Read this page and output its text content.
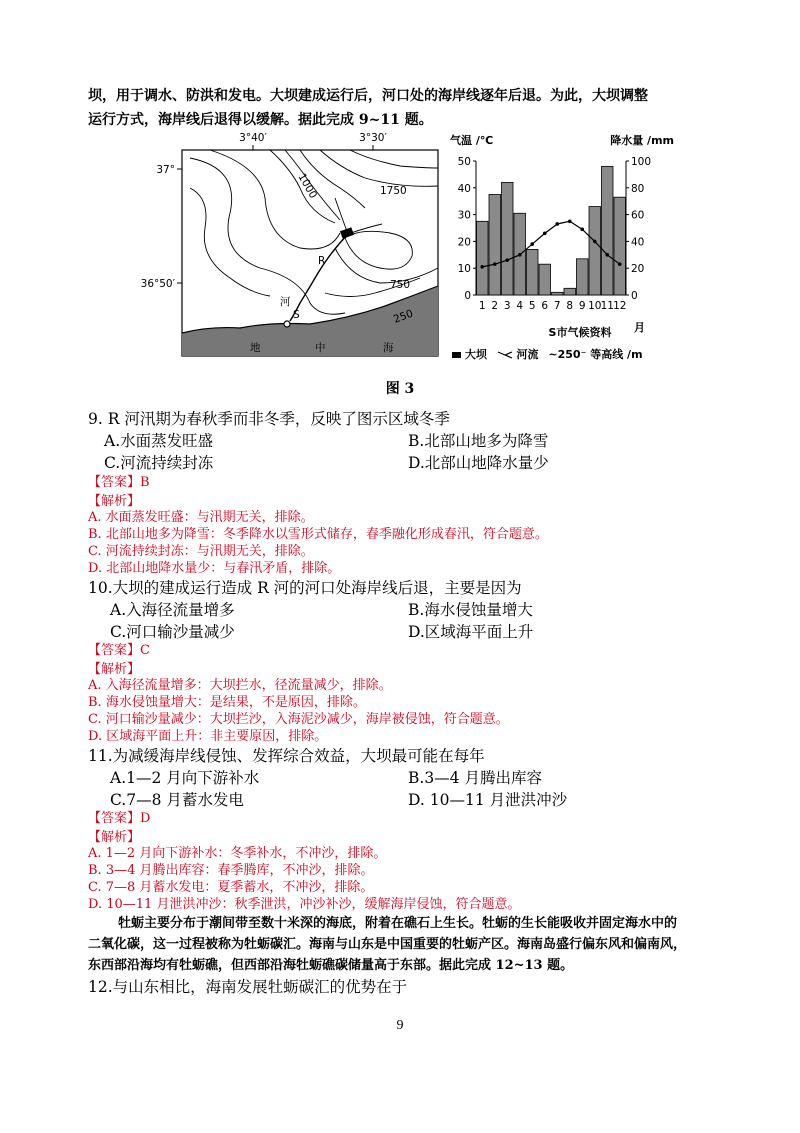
坝，用于调水、防洪和发电。大坝建成运行后，河口处的海岸线逐年后退。为此，大坝调整
运行方式，海岸线后退得以缓解。据此完成 9~11 题。
3°40′	3°30′
37°
36°50′
地	中	海
1000	1750
750
250
R
河
S
气温 /℃	降水量 /mm
50
40
30
20
10
0
100
80
60
40
20
0
1 2 3 4 5 6 7 8 9 10 11 12
月
S市气候资料
大坝	河流 ~250⁻ 等高线 /m
图 3
9. R 河汛期为春秋季而非冬季，反映了图示区域冬季
A.水面蒸发旺盛	B.北部山地多为降雪
C.河流持续封冻	D.北部山地降水量少
【答案】B
【解析】
A. 水面蒸发旺盛：与汛期无关，排除。
B. 北部山地多为降雪：冬季降水以雪形式储存，春季融化形成春汛，符合题意。
C. 河流持续封冻：与汛期无关，排除。
D. 北部山地降水量少：与春汛矛盾，排除。
10.大坝的建成运行造成 R 河的河口处海岸线后退，主要是因为
A.入海径流量增多	B.海水侵蚀量增大
C.河口输沙量减少	D.区域海平面上升
【答案】C
【解析】
A. 入海径流量增多：大坝拦水，径流量减少，排除。
B. 海水侵蚀量增大：是结果，不是原因，排除。
C. 河口输沙量减少：大坝拦沙，入海泥沙减少，海岸被侵蚀，符合题意。
D. 区域海平面上升：非主要原因，排除。
11.为减缓海岸线侵蚀、发挥综合效益，大坝最可能在每年
A.1—2 月向下游补水	B.3—4 月腾出库容
C.7—8 月蓄水发电	D. 10—11 月泄洪冲沙
【答案】D
【解析】
A. 1—2 月向下游补水：冬季补水，不冲沙，排除。
B. 3—4 月腾出库容：春季腾库，不冲沙，排除。
C. 7—8 月蓄水发电：夏季蓄水，不冲沙，排除。
D. 10—11 月泄洪冲沙：秋季泄洪，冲沙补沙，缓解海岸侵蚀，符合题意。
牡蛎主要分布于潮间带至数十米深的海底，附着在礁石上生长。牡蛎的生长能吸收并固定海水中的
二氧化碳，这一过程被称为牡蛎碳汇。海南与山东是中国重要的牡蛎产区。海南岛盛行偏东风和偏南风，
东西部沿海均有牡蛎礁，但西部沿海牡蛎礁碳储量高于东部。据此完成 12~13 题。
12.与山东相比，海南发展牡蛎碳汇的优势在于
9
